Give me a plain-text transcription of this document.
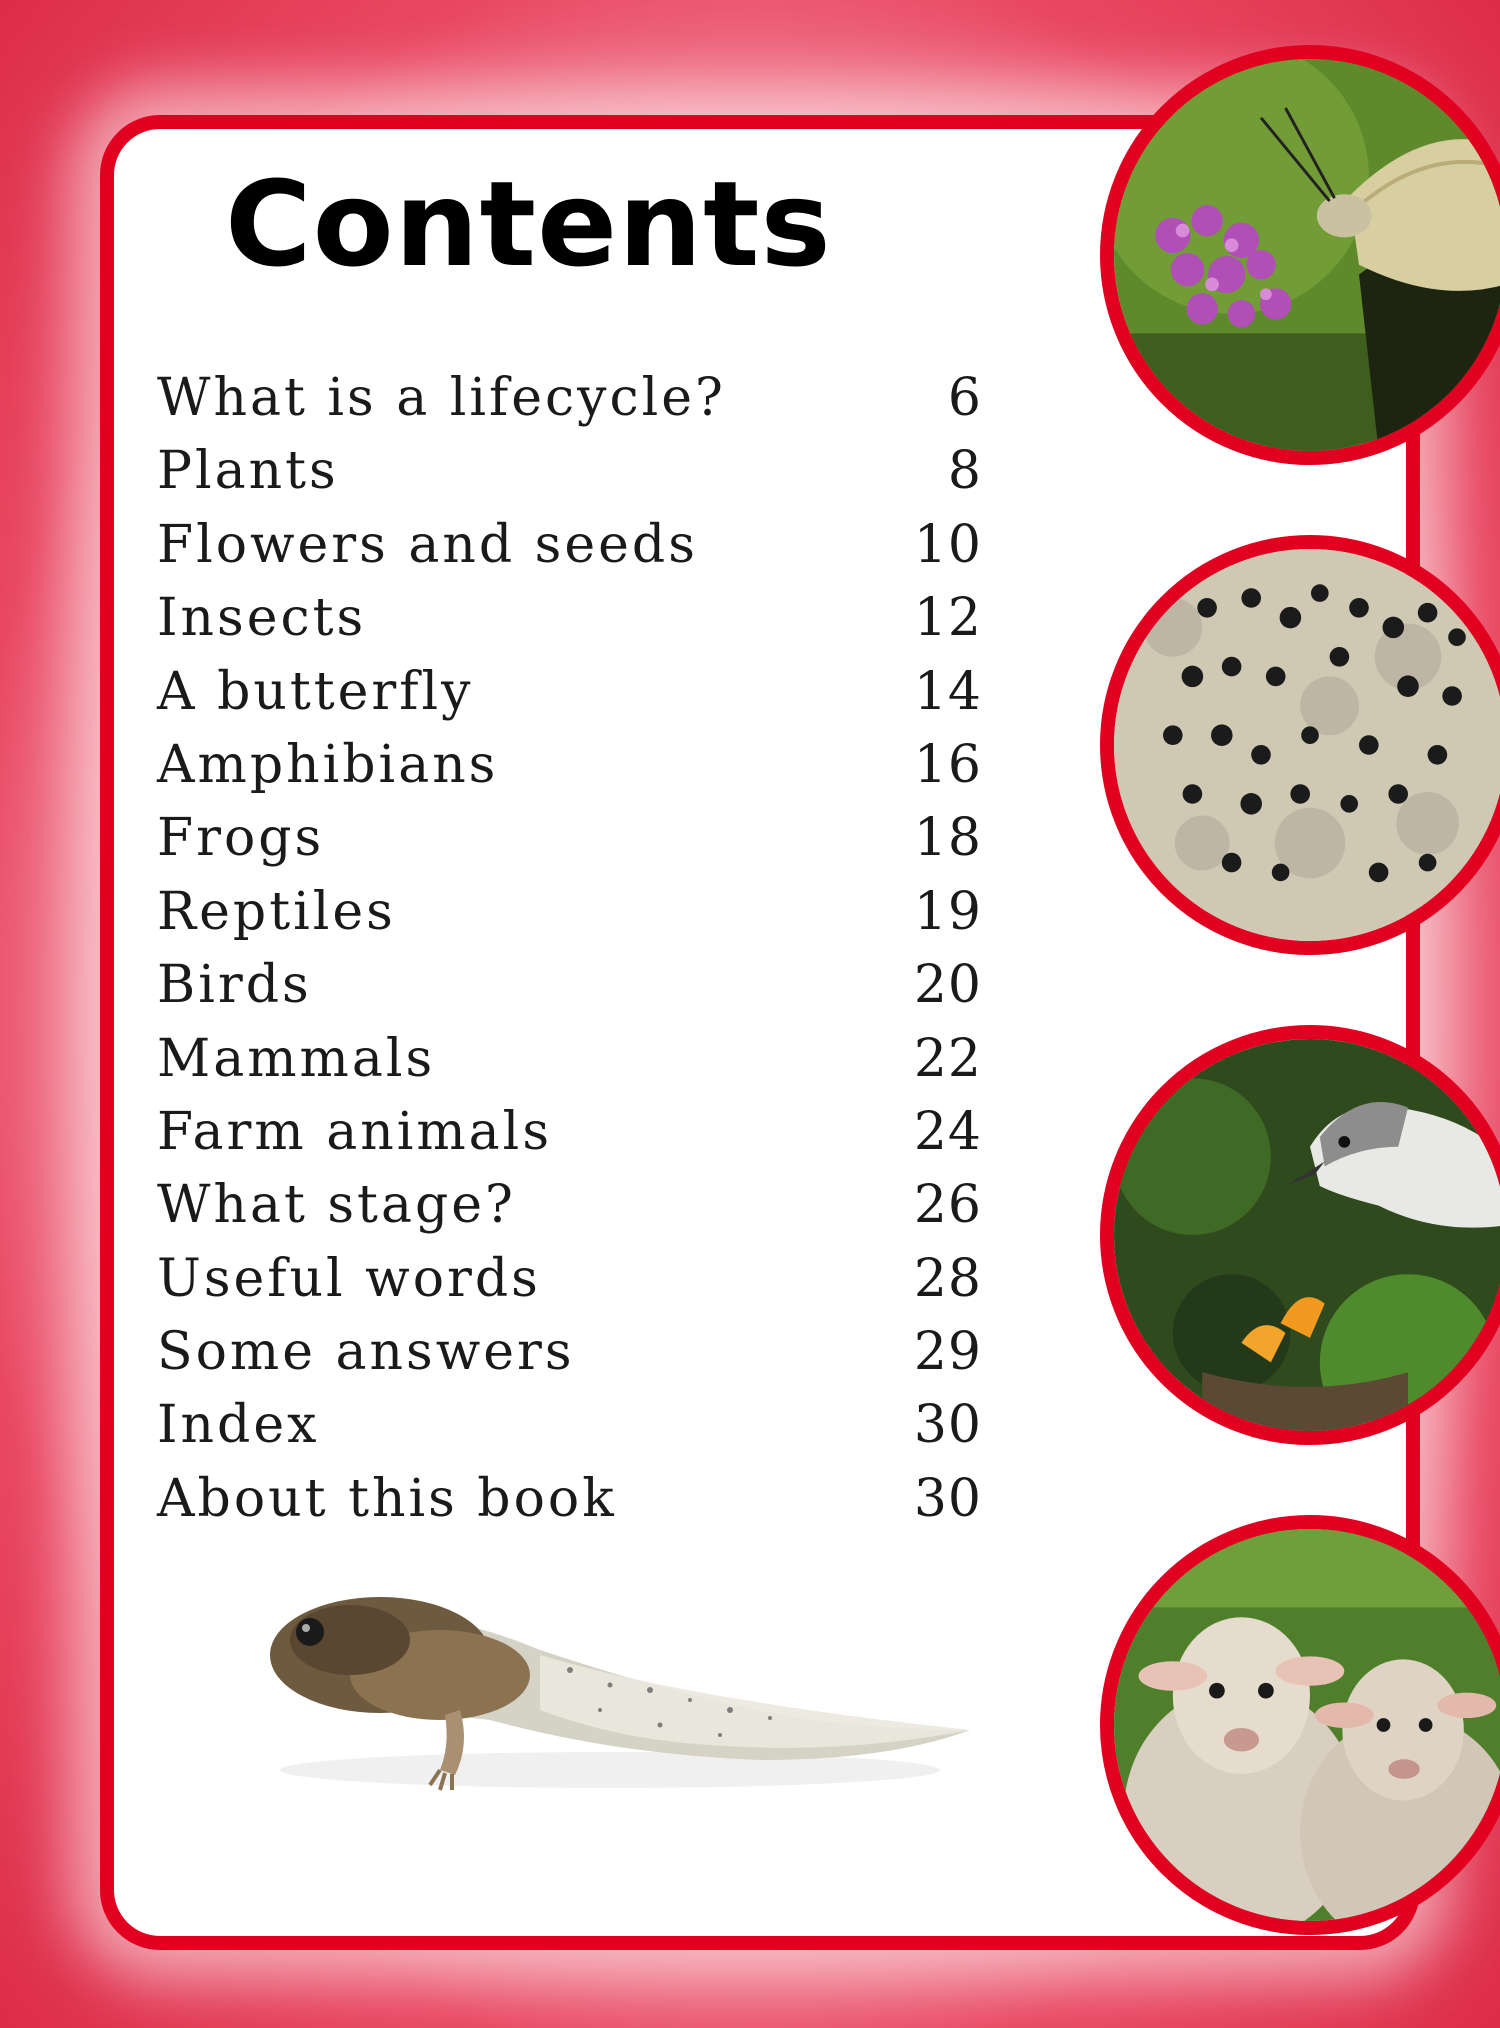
Contents
What is a lifecycle?	6
Plants	8
Flowers and seeds	10
Insects	12
A butterfly	14
Amphibians	16
Frogs	18
Reptiles	19
Birds	20
Mammals	22
Farm animals	24
What stage?	26
Useful words	28
Some answers	29
Index	30
About this book	30
